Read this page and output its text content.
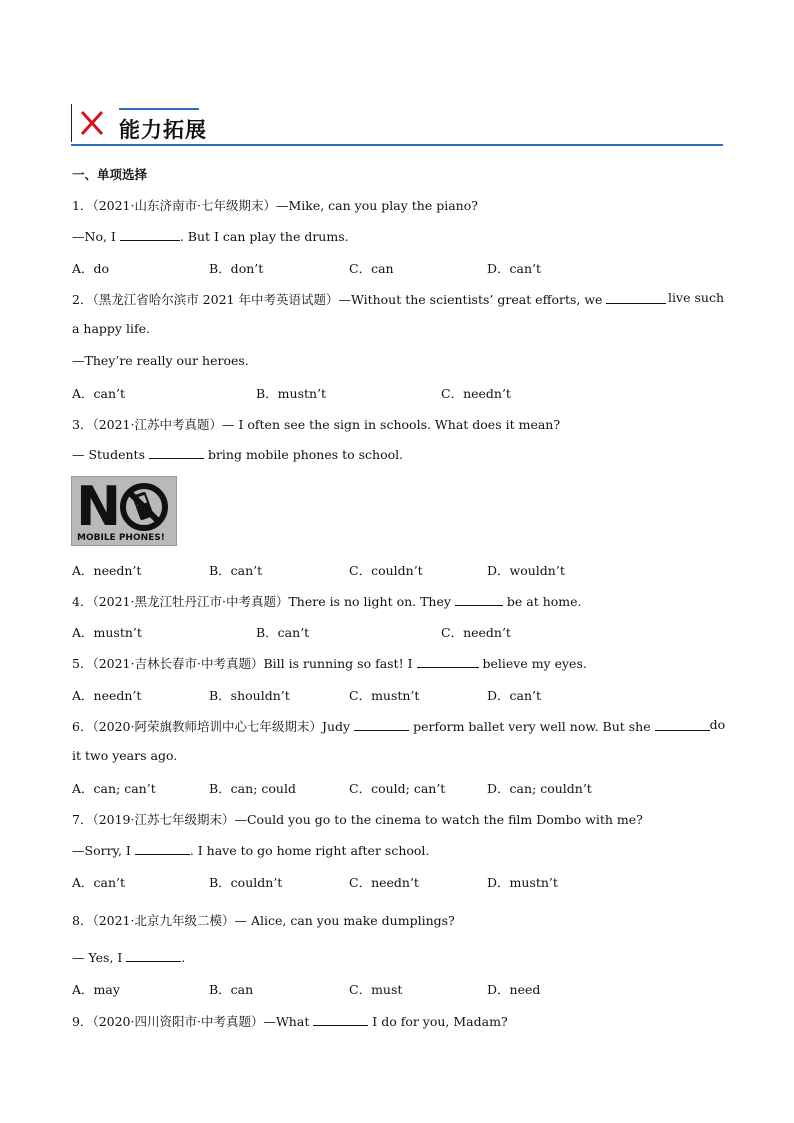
能力拓展
一、单项选择
1．（2021·山东济南市·七年级期末）—Mike, can you play the piano?
—No, I	. But I can play the drums.
A．do	B．don’t	C．can	D．can’t
2．（黑龙江省哈尔滨市 2021 年中考英语试题）—Without the scientists’ great efforts, we	live such
a happy life.
—They’re really our heroes.
A．can’t	B．mustn’t	C．needn’t
3．（2021·江苏中考真题）— I often see the sign in schools. What does it mean?
— Students	bring mobile phones to school.
N
MOBILE PHONES!
A．needn’t	B．can’t	C．couldn’t	D．wouldn’t
4．（2021·黑龙江牡丹江市·中考真题）There is no light on. They	be at home.
A．mustn’t	B．can’t	C．needn’t
5．（2021·吉林长春市·中考真题）Bill is running so fast! I	believe my eyes.
A．needn’t	B．shouldn’t	C．mustn’t	D．can’t
6．（2020·阿荣旗教师培训中心七年级期末）Judy	perform ballet very well now. But she	do
it two years ago.
A．can; can’t	B．can; could	C．could; can’t	D．can; couldn’t
7．（2019·江苏七年级期末）—Could you go to the cinema to watch the film Dombo with me?
—Sorry, I	. I have to go home right after school.
A．can’t	B．couldn’t	C．needn’t	D．mustn’t
8．（2021·北京九年级二模）— Alice, can you make dumplings?
— Yes, I	.
A．may	B．can	C．must	D．need
9．（2020·四川资阳市·中考真题）—What	I do for you, Madam?
